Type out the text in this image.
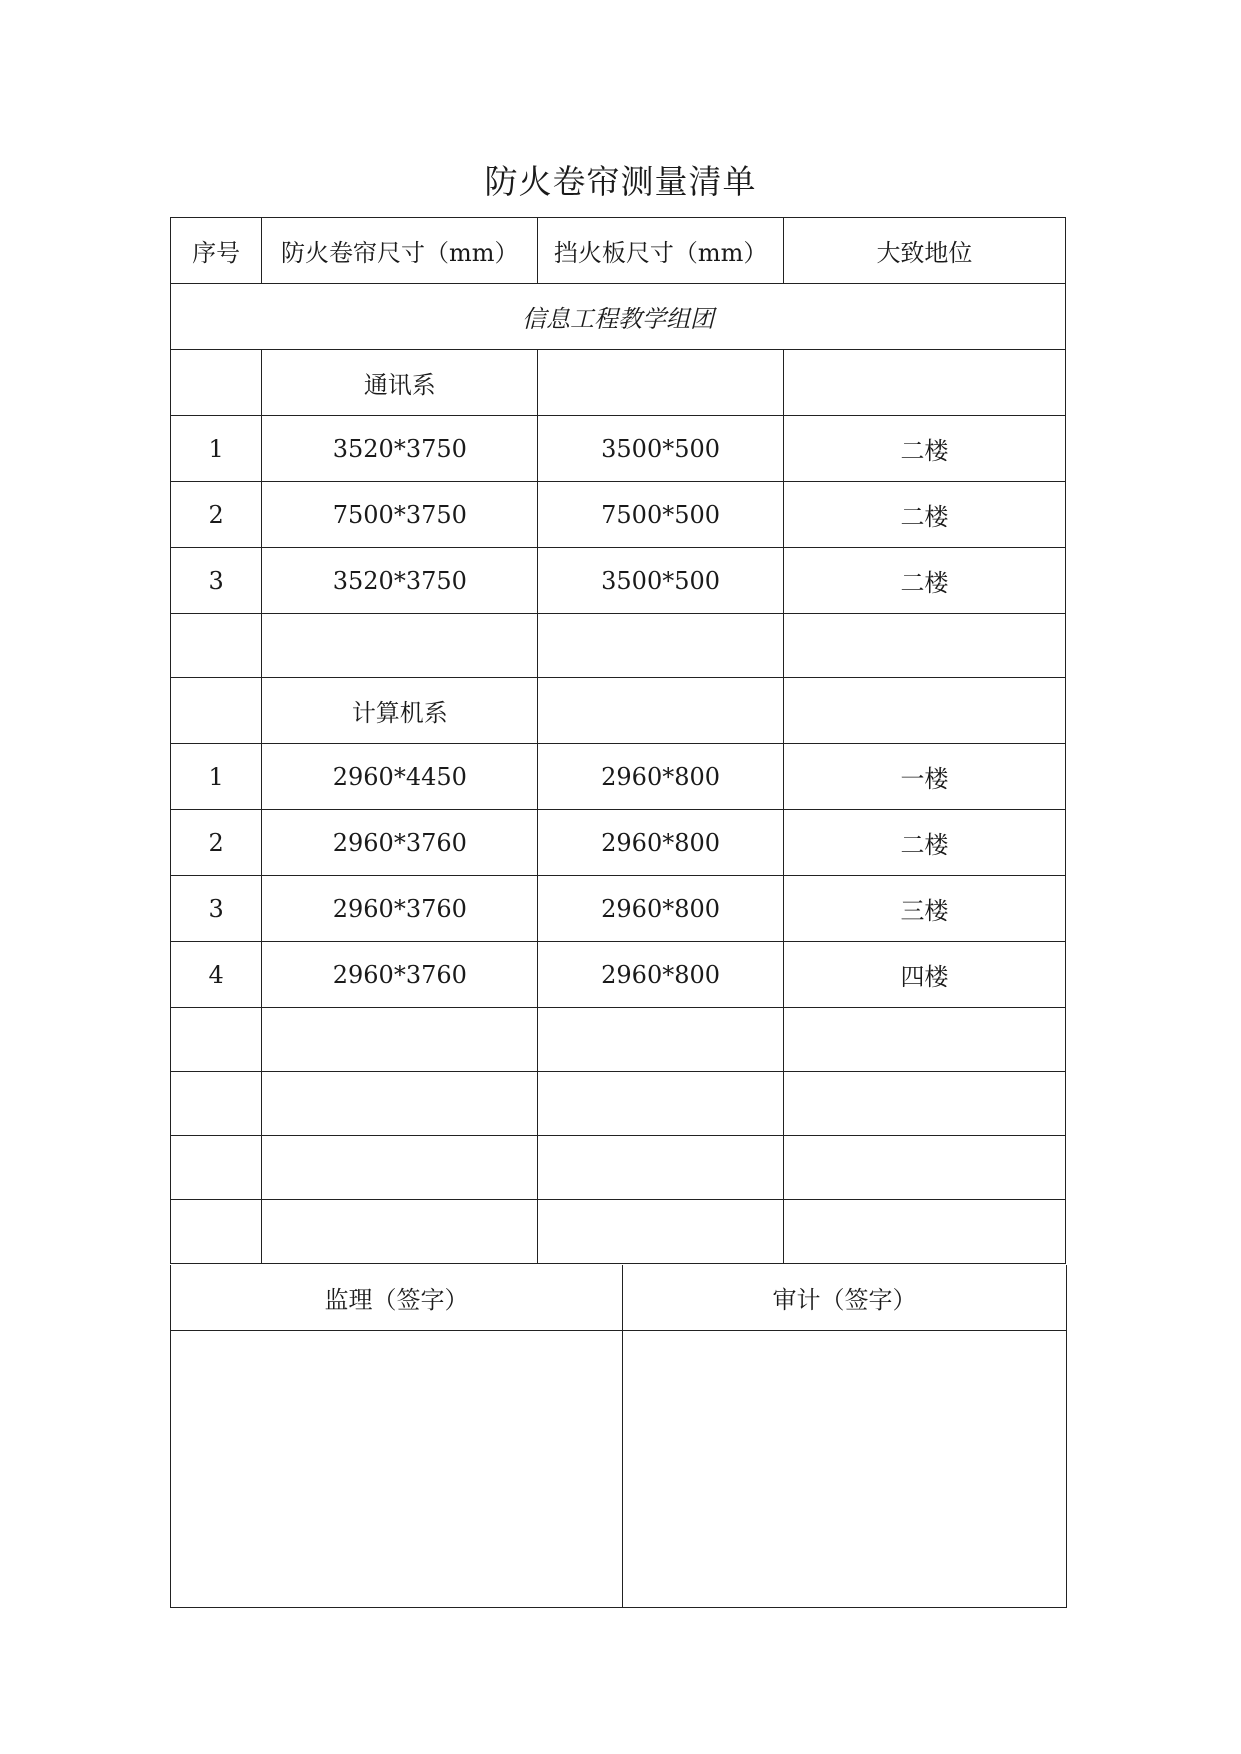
防火卷帘测量清单
序号	防火卷帘尺寸（mm）	挡火板尺寸（mm）	大致地位
信息工程教学组团			
	通讯系		
1	3520*3750	3500*500	二楼
2	7500*3750	7500*500	二楼
3	3520*3750	3500*500	二楼

	计算机系		
1	2960*4450	2960*800	一楼
2	2960*3760	2960*800	二楼
3	2960*3760	2960*800	三楼
4	2960*3760	2960*800	四楼

监理（签字）	审计（签字）
